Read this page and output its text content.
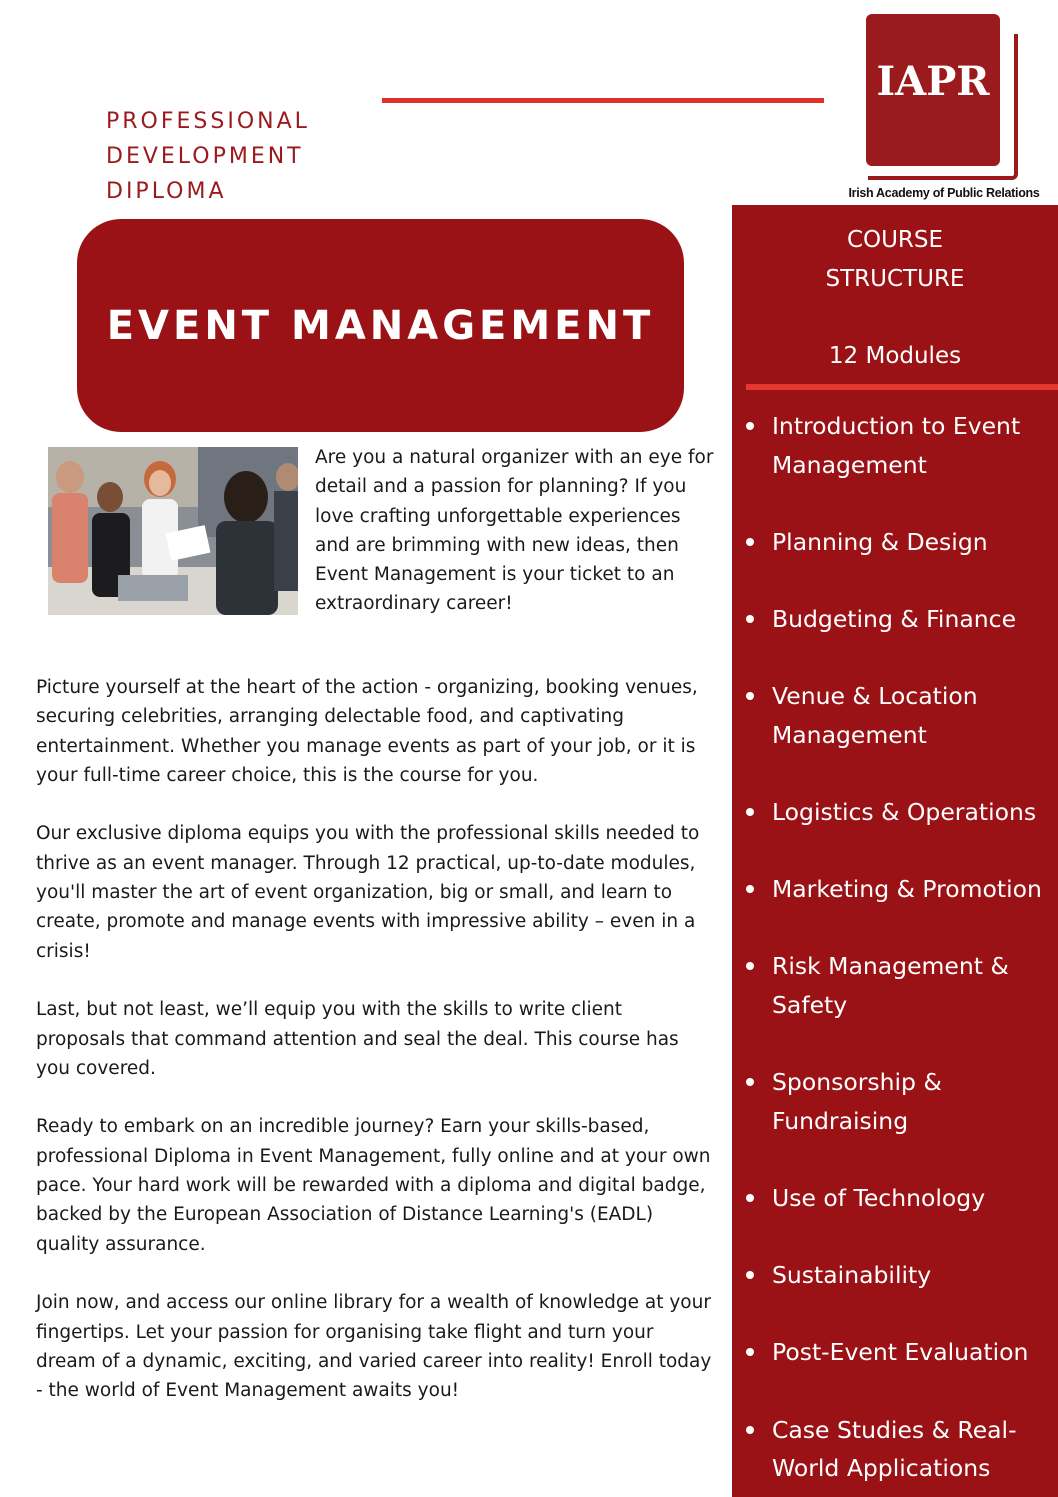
PROFESSIONAL
DEVELOPMENT
DIPLOMA
IAPR
Irish Academy of Public Relations
EVENT MANAGEMENT
Are you a natural organizer with an eye for detail and a passion for planning? If you love crafting unforgettable experiences and are brimming with new ideas, then Event Management is your ticket to an extraordinary career!

Picture yourself at the heart of the action - organizing, booking venues, securing celebrities, arranging delectable food, and captivating entertainment. Whether you manage events as part of your job, or it is your full-time career choice, this is the course for you.

Our exclusive diploma equips you with the professional skills needed to thrive as an event manager. Through 12 practical, up-to-date modules, you'll master the art of event organization, big or small, and learn to create, promote and manage events with impressive ability – even in a crisis!

Last, but not least, we’ll equip you with the skills to write client proposals that command attention and seal the deal. This course has you covered.

Ready to embark on an incredible journey? Earn your skills-based, professional Diploma in Event Management, fully online and at your own pace. Your hard work will be rewarded with a diploma and digital badge, backed by the European Association of Distance Learning's (EADL) quality assurance.

Join now, and access our online library for a wealth of knowledge at your fingertips. Let your passion for organising take flight and turn your dream of a dynamic, exciting, and varied career into reality! Enroll today - the world of Event Management awaits you!

COURSE
STRUCTURE
12 Modules
Introduction to Event Management
Planning & Design
Budgeting & Finance
Venue & Location Management
Logistics & Operations
Marketing & Promotion
Risk Management & Safety
Sponsorship & Fundraising
Use of Technology
Sustainability
Post-Event Evaluation
Case Studies & Real-World Applications
